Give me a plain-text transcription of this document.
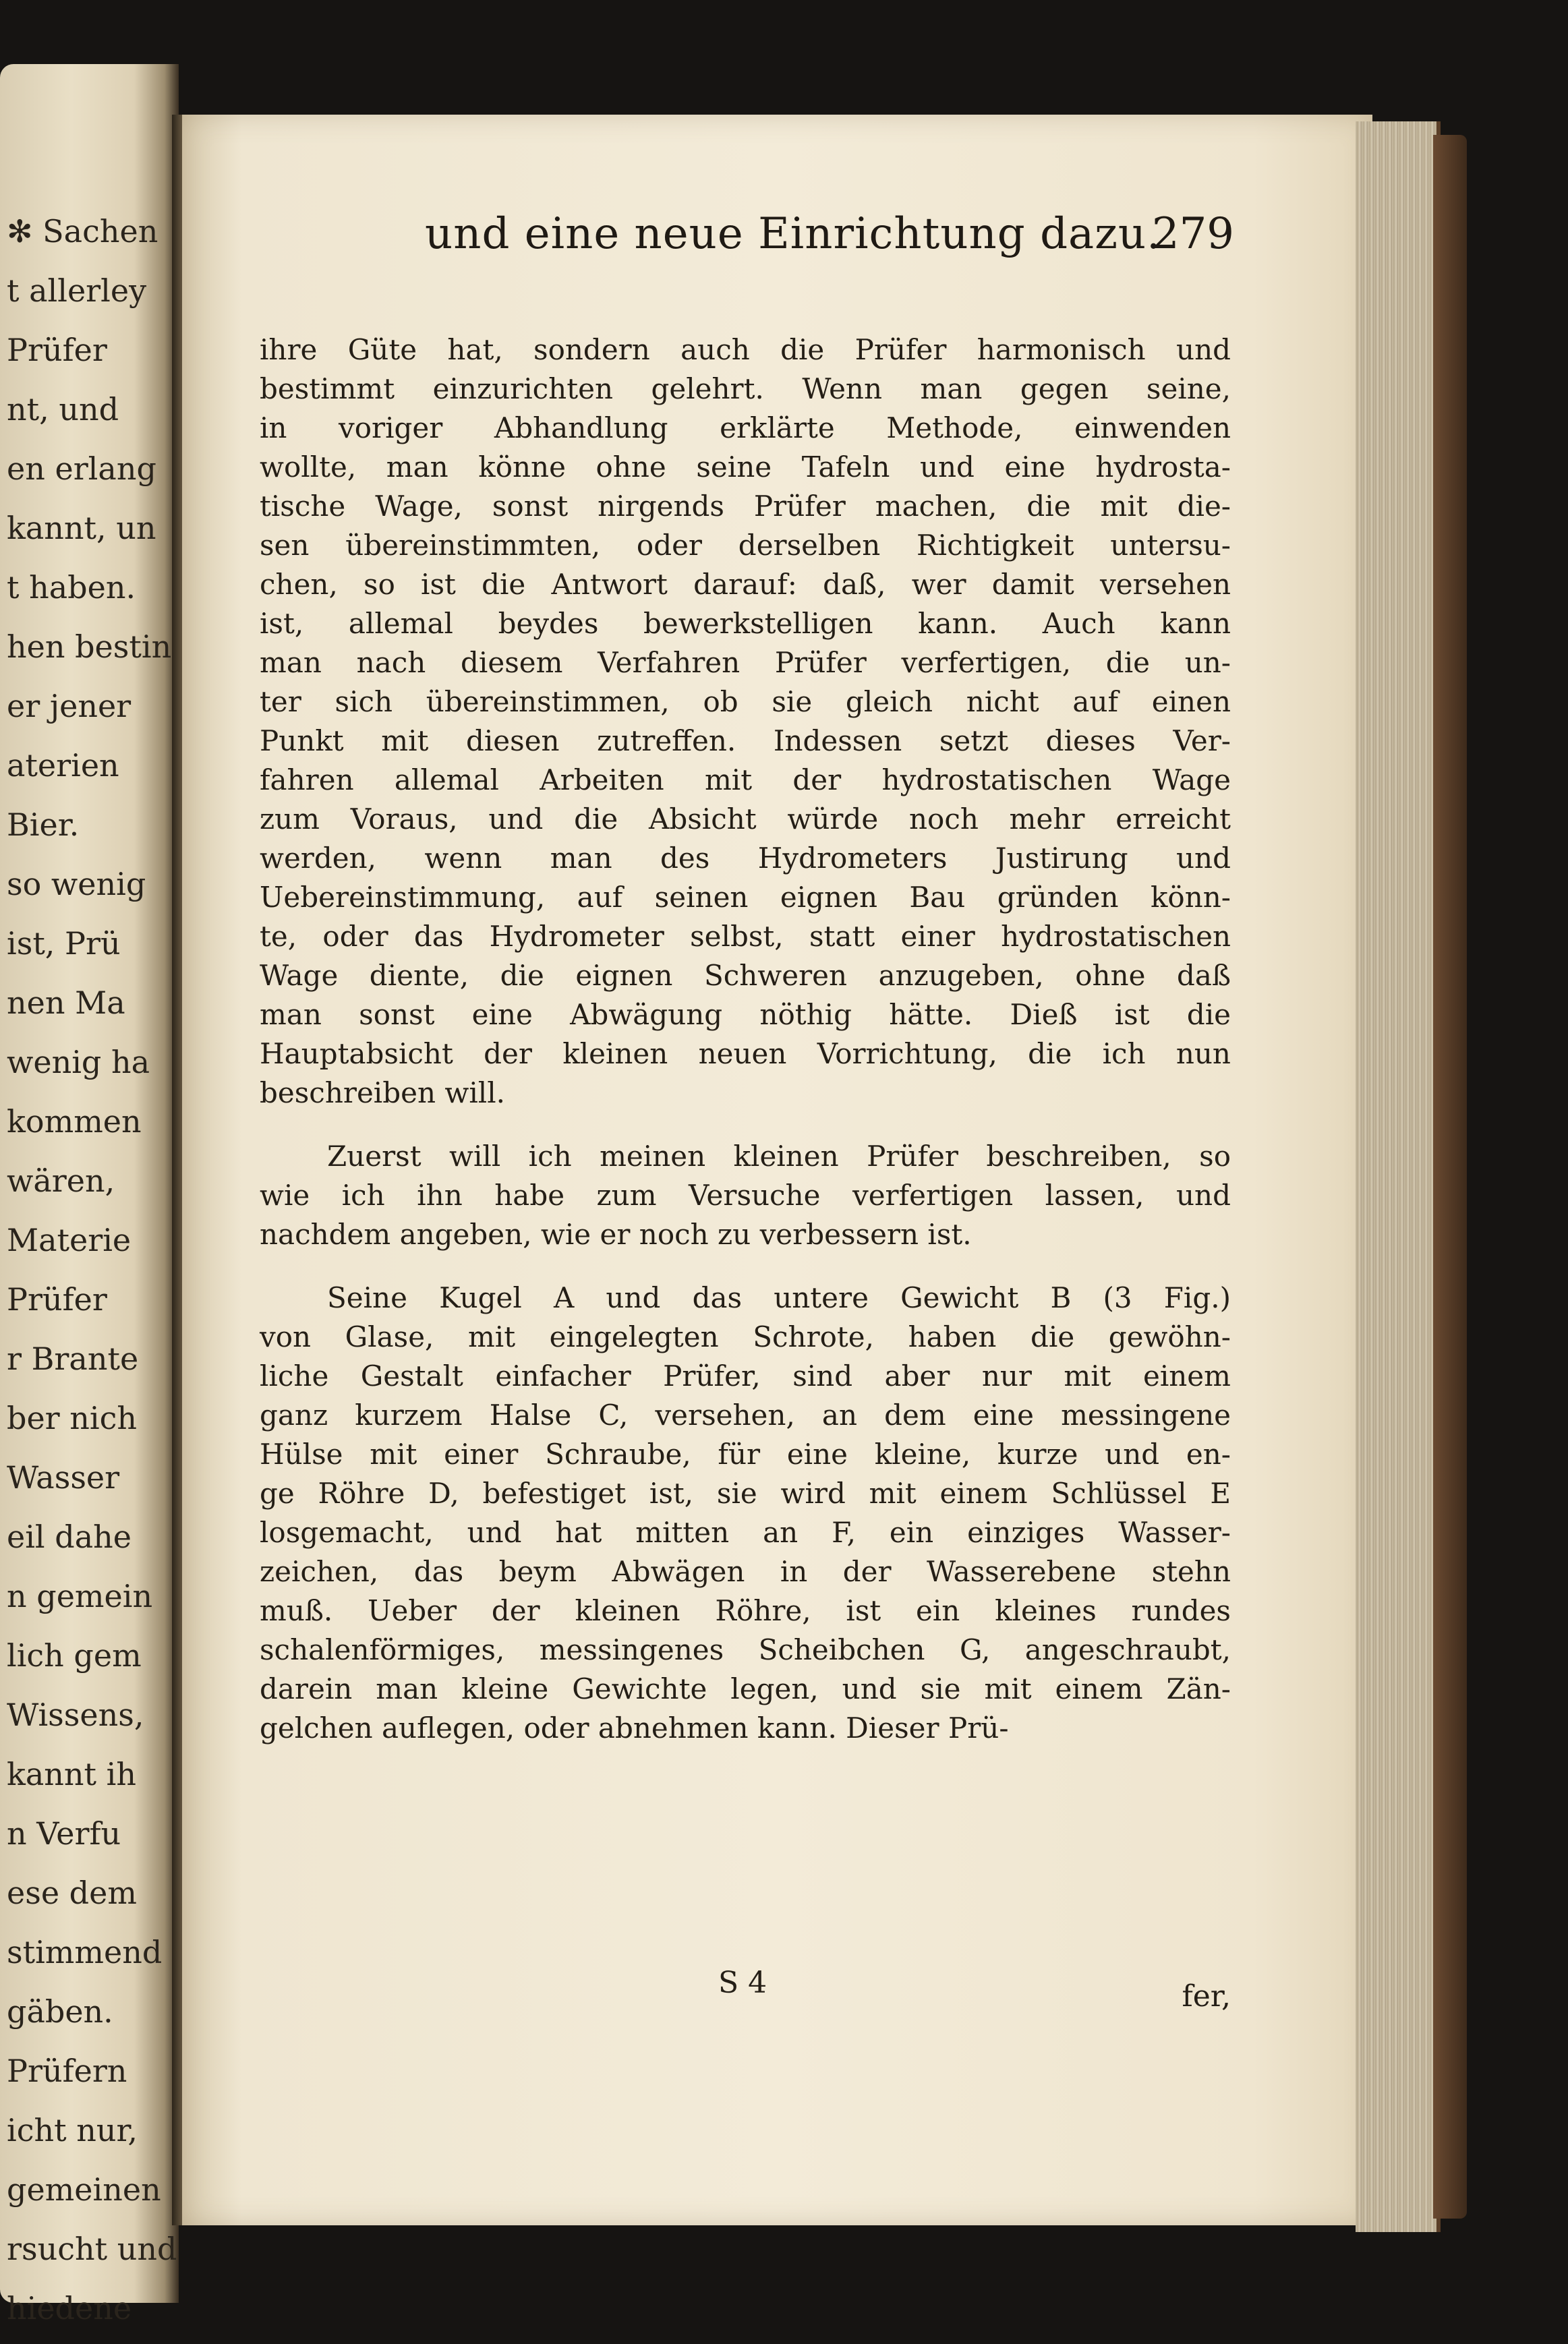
✻ Sachen
t allerley
Prüfer
nt, und
en erlang
kannt, un
t haben.
hen bestin
er jener
aterien
Bier.
so wenig
ist, Prü
nen Ma
wenig ha
kommen
wären,
Materie
Prüfer
r Brante
ber nich
Wasser
eil dahe
n gemein
lich gem
Wissens,
kannt ih
n Verfu
ese dem
stimmend
gäben.
Prüfern
icht nur,
gemeinen
rsucht und
hiedene
und eine neue Einrichtung dazu.
279
ihre Güte hat, sondern auch die Prüfer harmonisch und
bestimmt einzurichten gelehrt. Wenn man gegen seine,
in voriger Abhandlung erklärte Methode, einwenden
wollte, man könne ohne seine Tafeln und eine hydrosta-
tische Wage, sonst nirgends Prüfer machen, die mit die-
sen übereinstimmten, oder derselben Richtigkeit untersu-
chen, so ist die Antwort darauf: daß, wer damit versehen
ist, allemal beydes bewerkstelligen kann. Auch kann
man nach diesem Verfahren Prüfer verfertigen, die un-
ter sich übereinstimmen, ob sie gleich nicht auf einen
Punkt mit diesen zutreffen. Indessen setzt dieses Ver-
fahren allemal Arbeiten mit der hydrostatischen Wage
zum Voraus, und die Absicht würde noch mehr erreicht
werden, wenn man des Hydrometers Justirung und
Uebereinstimmung, auf seinen eignen Bau gründen könn-
te, oder das Hydrometer selbst, statt einer hydrostatischen
Wage diente, die eignen Schweren anzugeben, ohne daß
man sonst eine Abwägung nöthig hätte. Dieß ist die
Hauptabsicht der kleinen neuen Vorrichtung, die ich nun
beschreiben will.
Zuerst will ich meinen kleinen Prüfer beschreiben, so
wie ich ihn habe zum Versuche verfertigen lassen, und
nachdem angeben, wie er noch zu verbessern ist.
Seine Kugel A und das untere Gewicht B (3 Fig.)
von Glase, mit eingelegten Schrote, haben die gewöhn-
liche Gestalt einfacher Prüfer, sind aber nur mit einem
ganz kurzem Halse C, versehen, an dem eine messingene
Hülse mit einer Schraube, für eine kleine, kurze und en-
ge Röhre D, befestiget ist, sie wird mit einem Schlüssel E
losgemacht, und hat mitten an F, ein einziges Wasser-
zeichen, das beym Abwägen in der Wasserebene stehn
muß. Ueber der kleinen Röhre, ist ein kleines rundes
schalenförmiges, messingenes Scheibchen G, angeschraubt,
darein man kleine Gewichte legen, und sie mit einem Zän-
gelchen auflegen, oder abnehmen kann. Dieser Prü-
S 4	fer,
